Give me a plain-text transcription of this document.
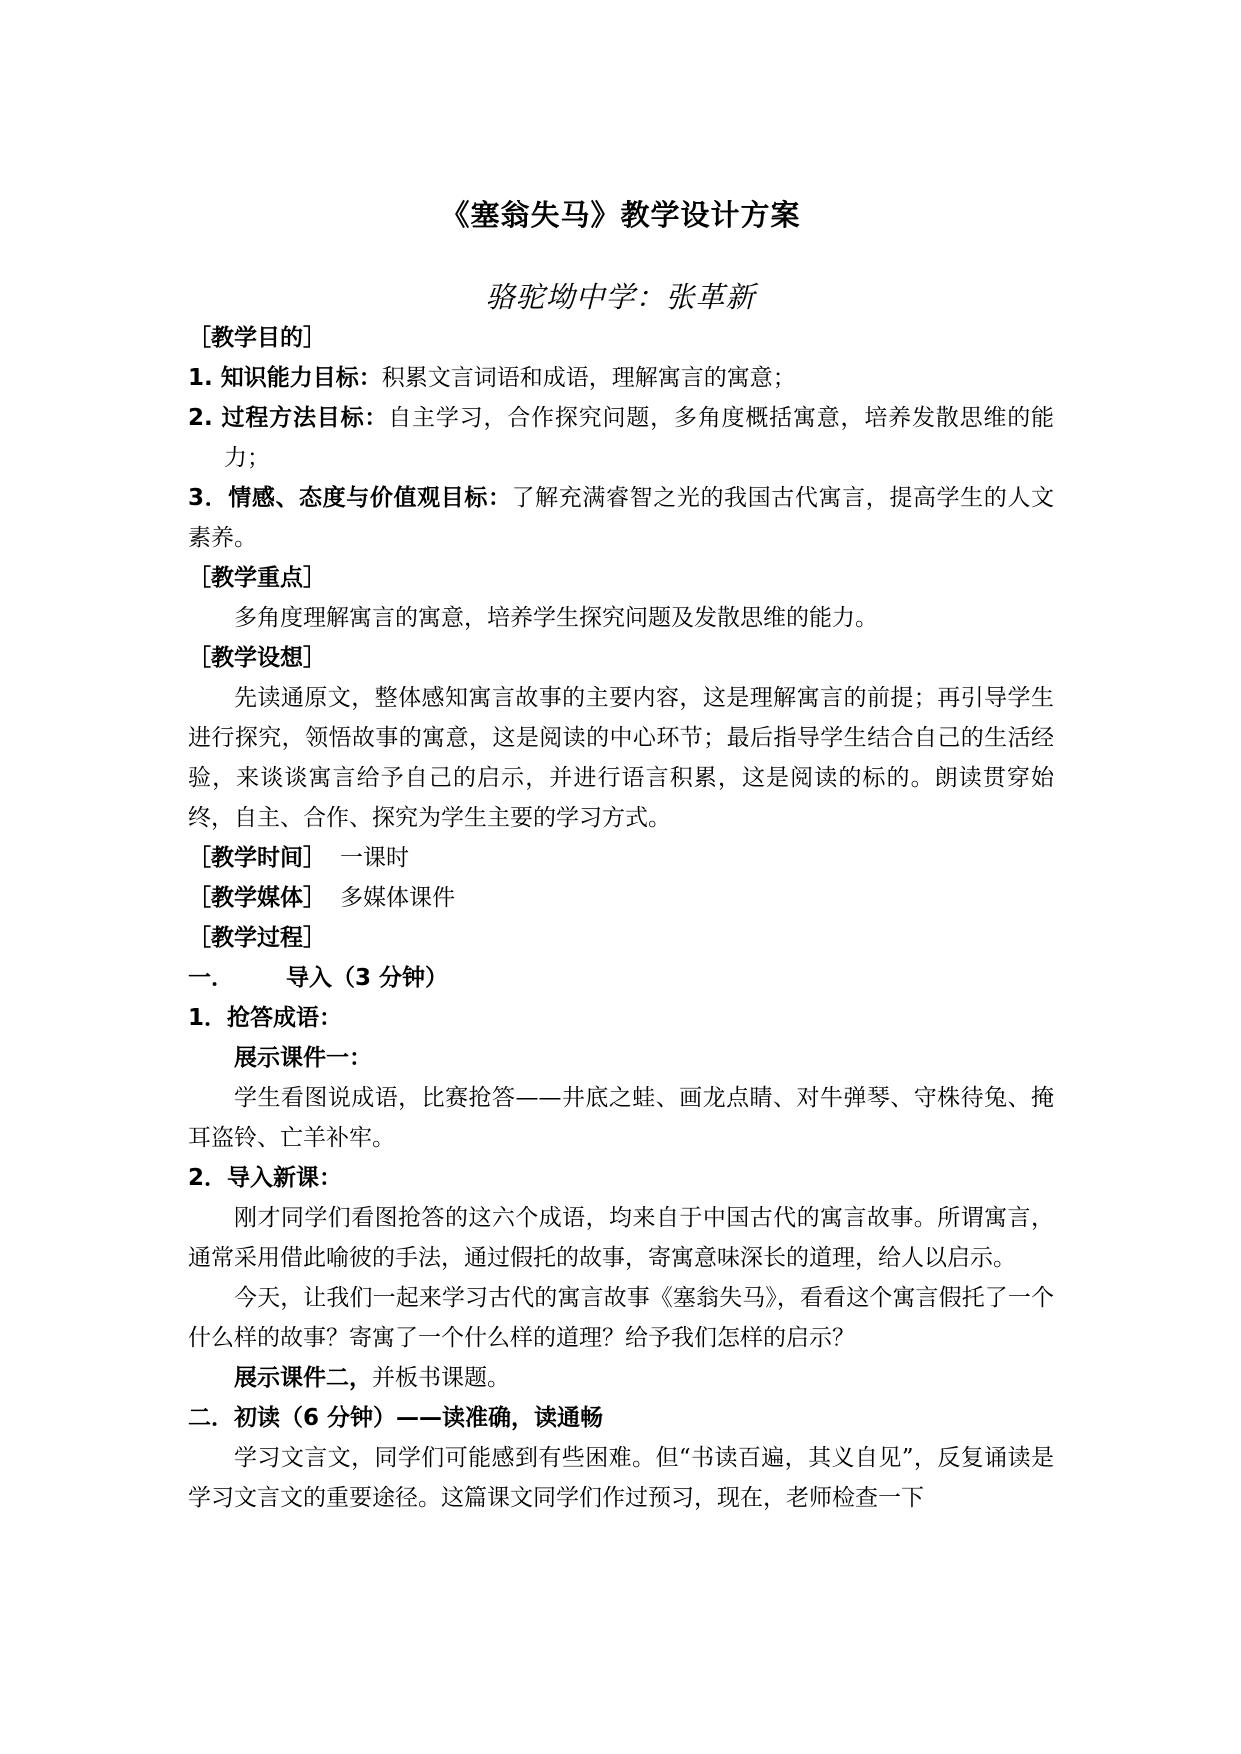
《塞翁失马》教学设计方案
骆驼坳中学：张革新

［教学目的］

1. 知识能力目标：积累文言词语和成语，理解寓言的寓意；

2. 过程方法目标：自主学习，合作探究问题，多角度概括寓意，培养发散思维的能力；

3．情感、态度与价值观目标：了解充满睿智之光的我国古代寓言，提高学生的人文素养。

［教学重点］

多角度理解寓言的寓意，培养学生探究问题及发散思维的能力。

［教学设想］

先读通原文，整体感知寓言故事的主要内容，这是理解寓言的前提；再引导学生进行探究，领悟故事的寓意，这是阅读的中心环节；最后指导学生结合自己的生活经验，来谈谈寓言给予自己的启示，并进行语言积累，这是阅读的标的。朗读贯穿始终，自主、合作、探究为学生主要的学习方式。

［教学时间］ 一课时

［教学媒体］ 多媒体课件

［教学过程］

一． 导入（3 分钟）

1．抢答成语：

展示课件一：

学生看图说成语，比赛抢答——井底之蛙、画龙点睛、对牛弹琴、守株待兔、掩耳盗铃、亡羊补牢。

2．导入新课：

刚才同学们看图抢答的这六个成语，均来自于中国古代的寓言故事。所谓寓言，通常采用借此喻彼的手法，通过假托的故事，寄寓意味深长的道理，给人以启示。

今天，让我们一起来学习古代的寓言故事《塞翁失马》，看看这个寓言假托了一个什么样的故事？寄寓了一个什么样的道理？给予我们怎样的启示？

展示课件二，并板书课题。

二．初读（6 分钟）——读准确，读通畅

学习文言文，同学们可能感到有些困难。但“书读百遍，其义自见”，反复诵读是学习文言文的重要途径。这篇课文同学们作过预习，现在，老师检查一下
